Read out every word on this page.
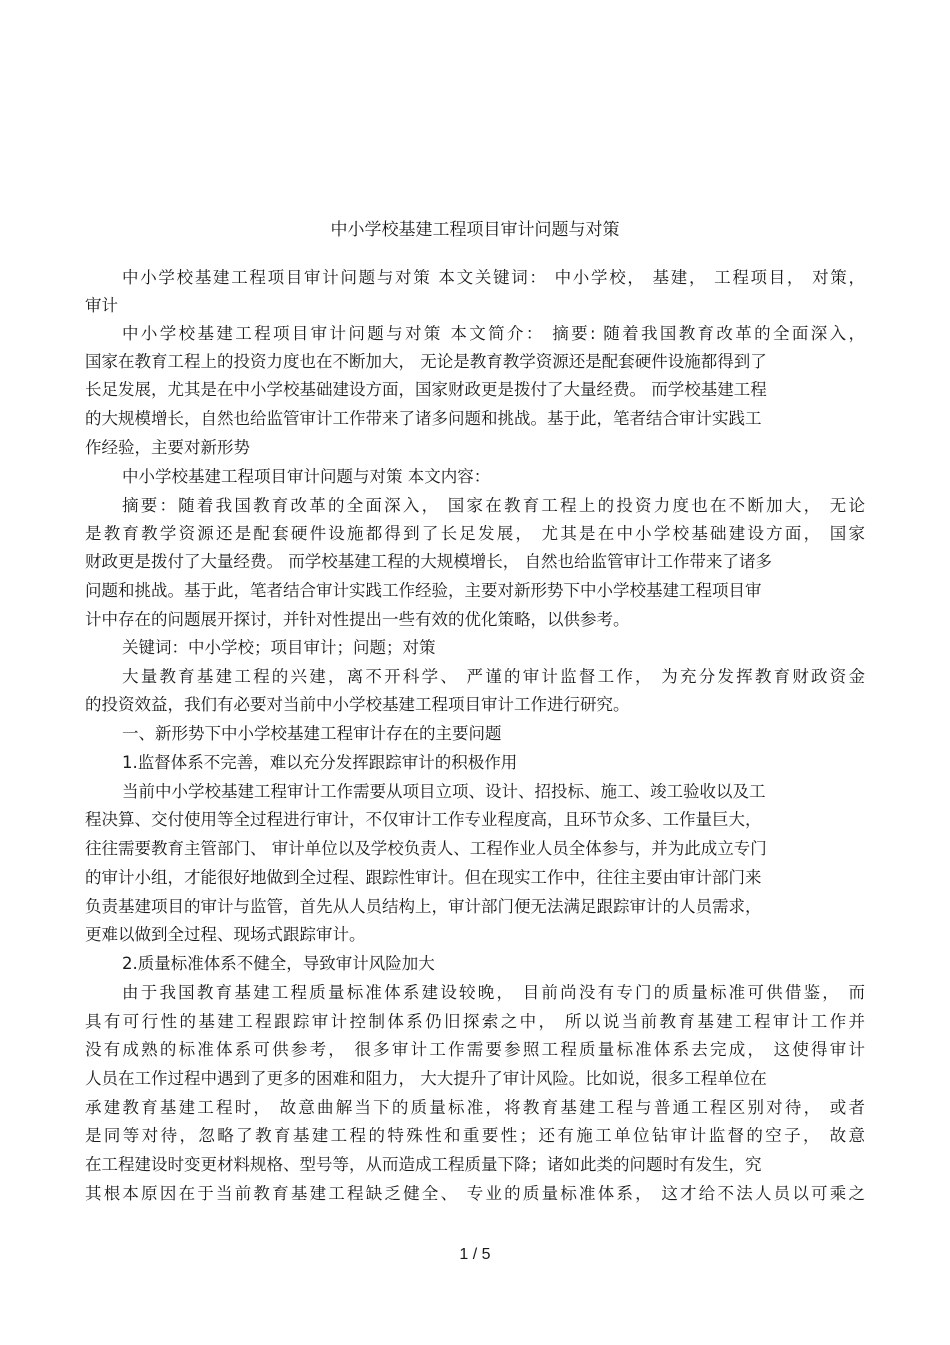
中小学校基建工程项目审计问题与对策
中小学校基建工程项目审计问题与对策 本文关键词： 中小学校， 基建， 工程项目， 对策，
审计
中小学校基建工程项目审计问题与对策 本文简介： 摘要: 随着我国教育改革的全面深入，
国家在教育工程上的投资力度也在不断加大， 无论是教育教学资源还是配套硬件设施都得到了
长足发展，尤其是在中小学校基础建设方面，国家财政更是拨付了大量经费。 而学校基建工程
的大规模增长，自然也给监管审计工作带来了诸多问题和挑战。基于此，笔者结合审计实践工
作经验，主要对新形势
中小学校基建工程项目审计问题与对策 本文内容：
摘要：随着我国教育改革的全面深入， 国家在教育工程上的投资力度也在不断加大， 无论
是教育教学资源还是配套硬件设施都得到了长足发展， 尤其是在中小学校基础建设方面， 国家
财政更是拨付了大量经费。 而学校基建工程的大规模增长， 自然也给监管审计工作带来了诸多
问题和挑战。基于此，笔者结合审计实践工作经验，主要对新形势下中小学校基建工程项目审
计中存在的问题展开探讨，并针对性提出一些有效的优化策略，以供参考。
关键词：中小学校；项目审计；问题；对策
大量教育基建工程的兴建，离不开科学、 严谨的审计监督工作， 为充分发挥教育财政资金
的投资效益，我们有必要对当前中小学校基建工程项目审计工作进行研究。
一、新形势下中小学校基建工程审计存在的主要问题
1.监督体系不完善，难以充分发挥跟踪审计的积极作用
当前中小学校基建工程审计工作需要从项目立项、设计、招投标、施工、竣工验收以及工
程决算、交付使用等全过程进行审计，不仅审计工作专业程度高，且环节众多、工作量巨大，
往往需要教育主管部门、 审计单位以及学校负责人、工程作业人员全体参与，并为此成立专门
的审计小组，才能很好地做到全过程、跟踪性审计。但在现实工作中，往往主要由审计部门来
负责基建项目的审计与监管，首先从人员结构上，审计部门便无法满足跟踪审计的人员需求，
更难以做到全过程、现场式跟踪审计。
2.质量标准体系不健全，导致审计风险加大
由于我国教育基建工程质量标准体系建设较晚， 目前尚没有专门的质量标准可供借鉴， 而
具有可行性的基建工程跟踪审计控制体系仍旧探索之中， 所以说当前教育基建工程审计工作并
没有成熟的标准体系可供参考， 很多审计工作需要参照工程质量标准体系去完成， 这使得审计
人员在工作过程中遇到了更多的困难和阻力， 大大提升了审计风险。比如说，很多工程单位在
承建教育基建工程时， 故意曲解当下的质量标准，将教育基建工程与普通工程区别对待， 或者
是同等对待，忽略了教育基建工程的特殊性和重要性；还有施工单位钻审计监督的空子， 故意
在工程建设时变更材料规格、型号等，从而造成工程质量下降；诸如此类的问题时有发生，究
其根本原因在于当前教育基建工程缺乏健全、 专业的质量标准体系， 这才给不法人员以可乘之
1 / 5
